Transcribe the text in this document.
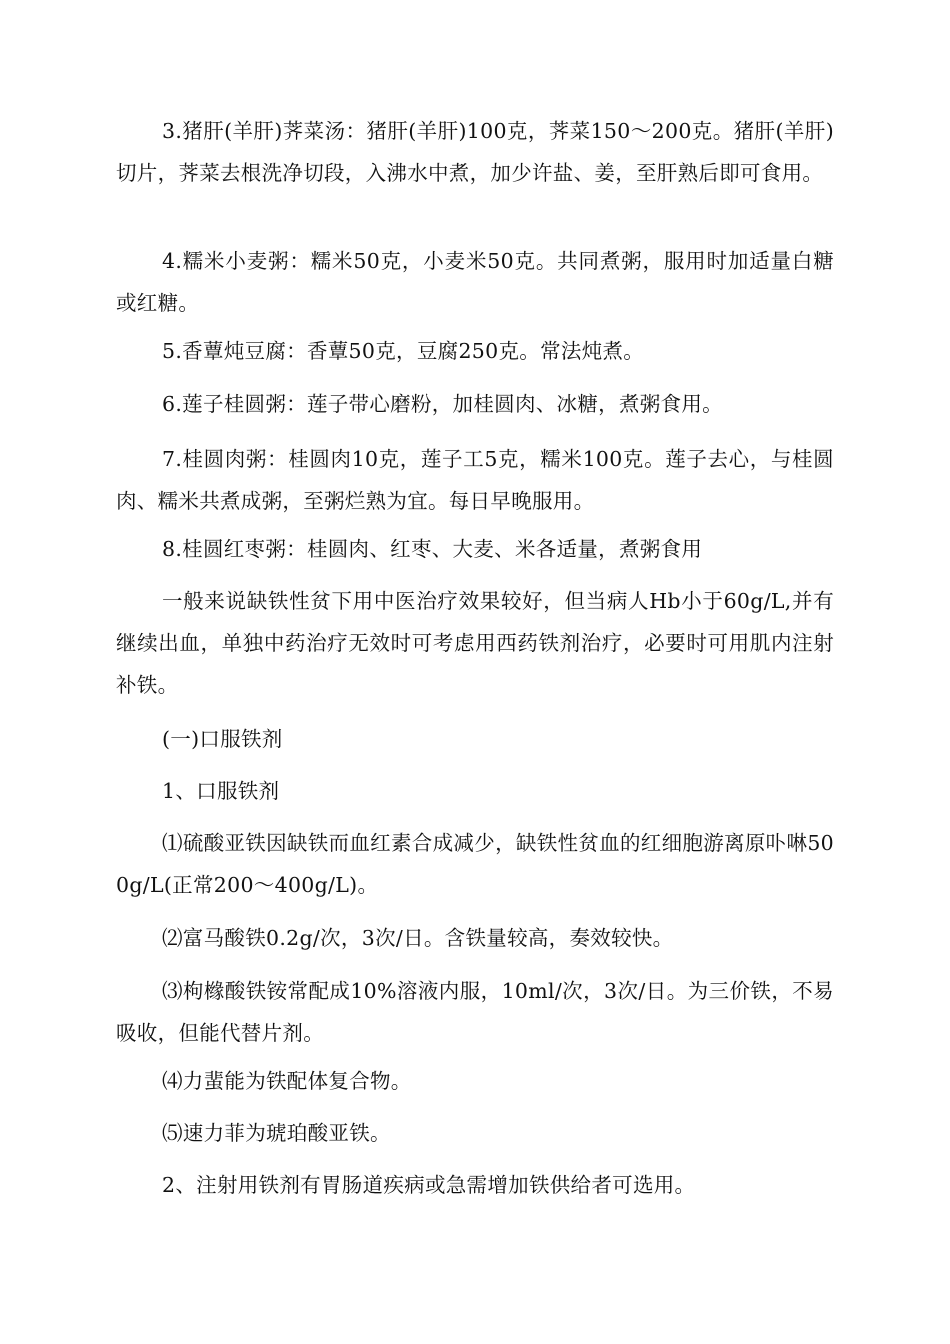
3.猪肝(羊肝)荠菜汤：猪肝(羊肝)100克，荠菜150～200克。猪肝(羊肝)切片，荠菜去根洗净切段，入沸水中煮，加少许盐、姜，至肝熟后即可食用。

4.糯米小麦粥：糯米50克，小麦米50克。共同煮粥，服用时加适量白糖或红糖。

5.香蕈炖豆腐：香蕈50克，豆腐250克。常法炖煮。

6.莲子桂圆粥：莲子带心磨粉，加桂圆肉、冰糖，煮粥食用。

7.桂圆肉粥：桂圆肉10克，莲子工5克，糯米100克。莲子去心，与桂圆肉、糯米共煮成粥，至粥烂熟为宜。每日早晚服用。

8.桂圆红枣粥：桂圆肉、红枣、大麦、米各适量，煮粥食用

一般来说缺铁性贫下用中医治疗效果较好，但当病人Hb小于60g/L,并有继续出血，单独中药治疗无效时可考虑用西药铁剂治疗，必要时可用肌内注射补铁。

(一)口服铁剂

1、口服铁剂

⑴硫酸亚铁因缺铁而血红素合成减少，缺铁性贫血的红细胞游离原卟啉500g/L(正常200～400g/L)。

⑵富马酸铁0.2g/次，3次/日。含铁量较高，奏效较快。

⑶枸橼酸铁铵常配成10%溶液内服，10ml/次，3次/日。为三价铁，不易吸收，但能代替片剂。

⑷力蜚能为铁配体复合物。

⑸速力菲为琥珀酸亚铁。

2、注射用铁剂有胃肠道疾病或急需增加铁供给者可选用。
